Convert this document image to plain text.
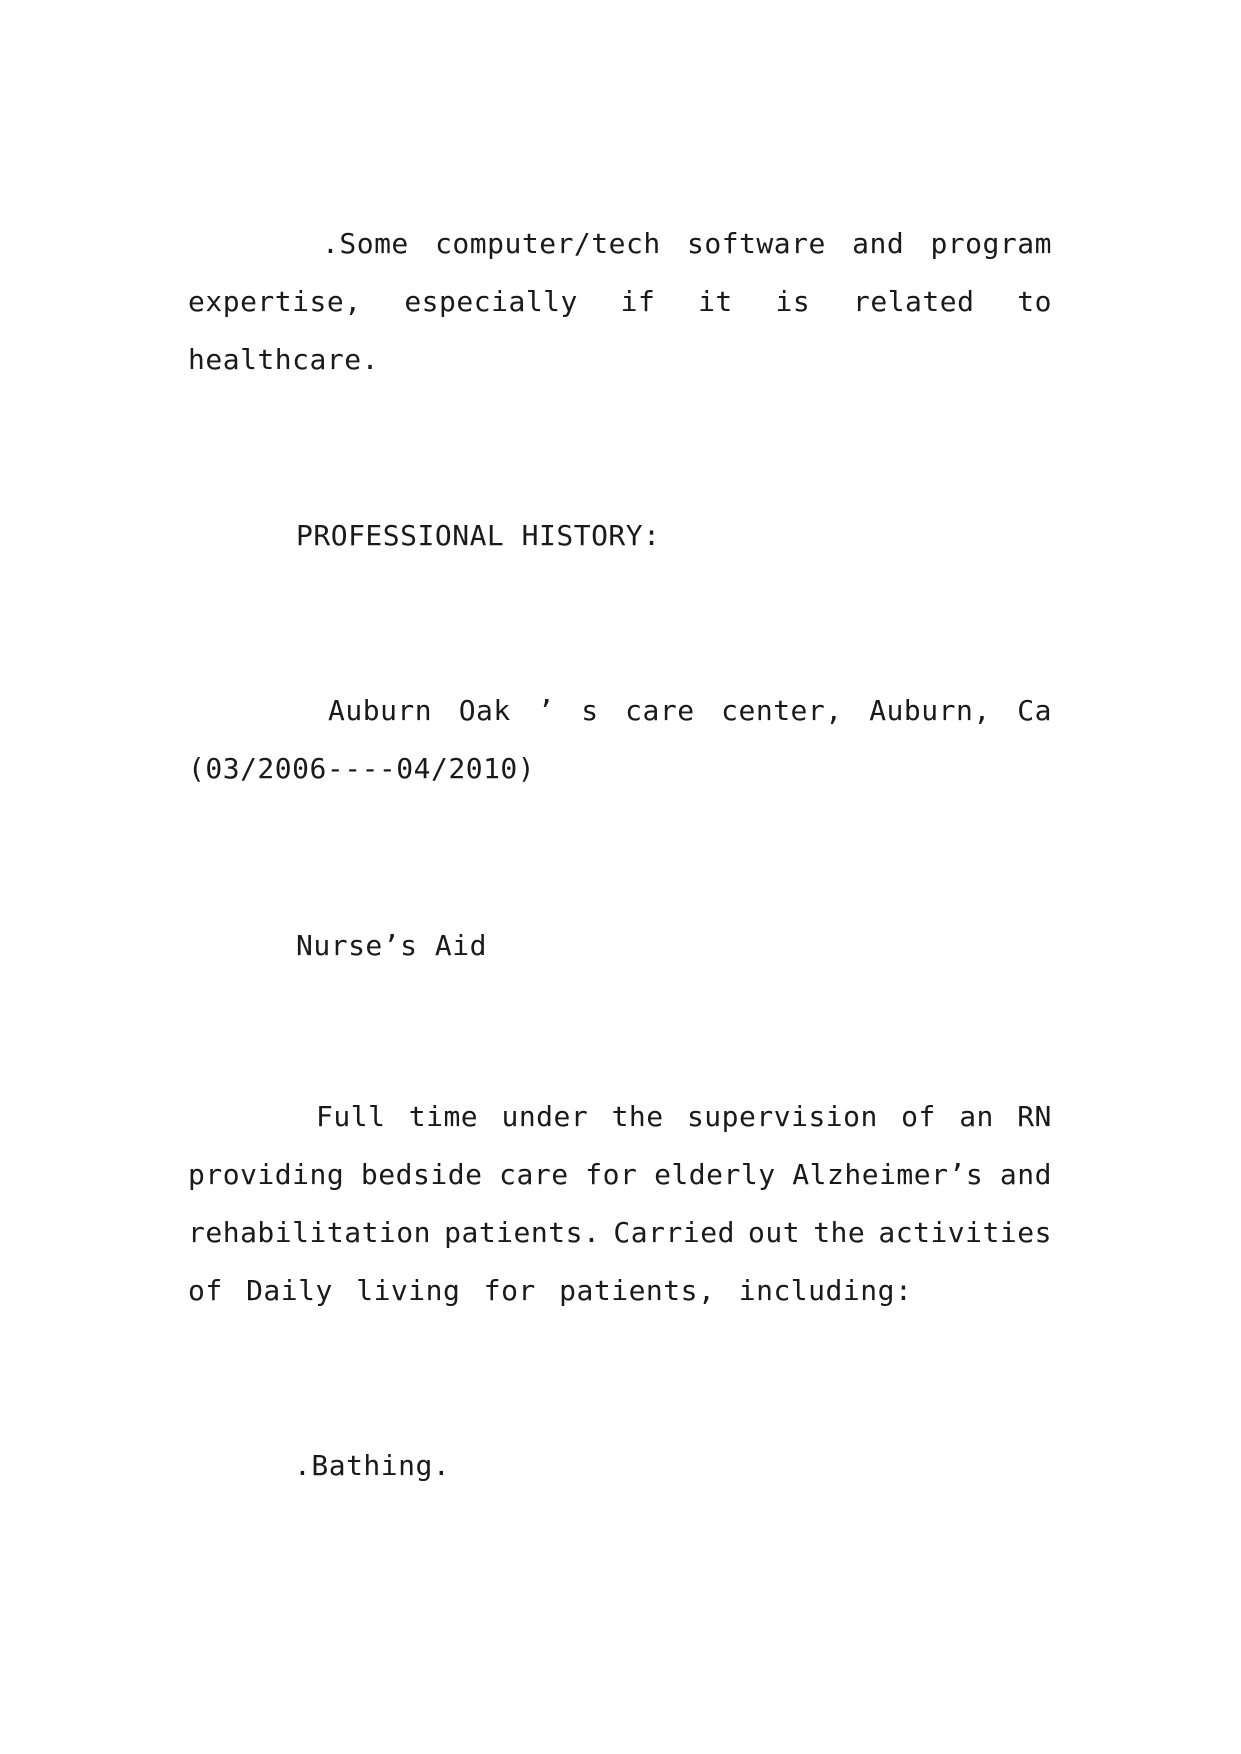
.Some computer/tech software and program
expertise, especially if it is related to
healthcare.

PROFESSIONAL HISTORY:

Auburn Oak ’ s care center, Auburn, Ca
(03/2006----04/2010)

Nurse’s Aid

Full time under the supervision of an RN
providing bedside care for elderly Alzheimer’s and
rehabilitation patients. Carried out the activities
of Daily living for patients, including:

.Bathing.
